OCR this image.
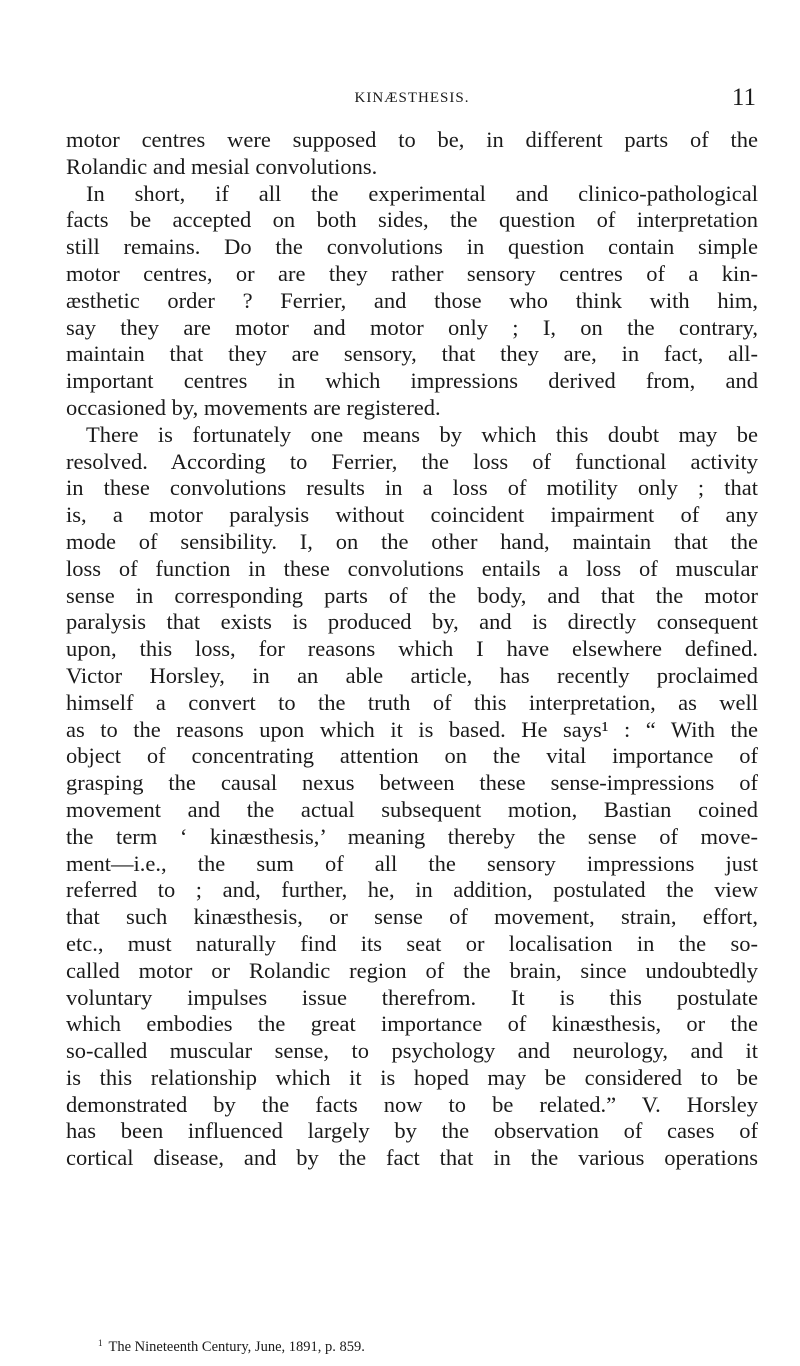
KINÆSTHESIS.	11
motor centres were supposed to be, in different parts of the
Rolandic and mesial convolutions.
In short, if all the experimental and clinico-pathological
facts be accepted on both sides, the question of interpretation
still remains. Do the convolutions in question contain simple
motor centres, or are they rather sensory centres of a kin-
æsthetic order ? Ferrier, and those who think with him,
say they are motor and motor only ; I, on the contrary,
maintain that they are sensory, that they are, in fact, all-
important centres in which impressions derived from, and
occasioned by, movements are registered.
There is fortunately one means by which this doubt may be
resolved. According to Ferrier, the loss of functional activity
in these convolutions results in a loss of motility only ; that
is, a motor paralysis without coincident impairment of any
mode of sensibility. I, on the other hand, maintain that the
loss of function in these convolutions entails a loss of muscular
sense in corresponding parts of the body, and that the motor
paralysis that exists is produced by, and is directly consequent
upon, this loss, for reasons which I have elsewhere defined.
Victor Horsley, in an able article, has recently proclaimed
himself a convert to the truth of this interpretation, as well
as to the reasons upon which it is based. He says¹ : “ With the
object of concentrating attention on the vital importance of
grasping the causal nexus between these sense-impressions of
movement and the actual subsequent motion, Bastian coined
the term ‘ kinæsthesis,’ meaning thereby the sense of move-
ment—i.e., the sum of all the sensory impressions just
referred to ; and, further, he, in addition, postulated the view
that such kinæsthesis, or sense of movement, strain, effort,
etc., must naturally find its seat or localisation in the so-
called motor or Rolandic region of the brain, since undoubtedly
voluntary impulses issue therefrom. It is this postulate
which embodies the great importance of kinæsthesis, or the
so-called muscular sense, to psychology and neurology, and it
is this relationship which it is hoped may be considered to be
demonstrated by the facts now to be related.” V. Horsley
has been influenced largely by the observation of cases of
cortical disease, and by the fact that in the various operations
$^1$ The Nineteenth Century, June, 1891, p. 859.
